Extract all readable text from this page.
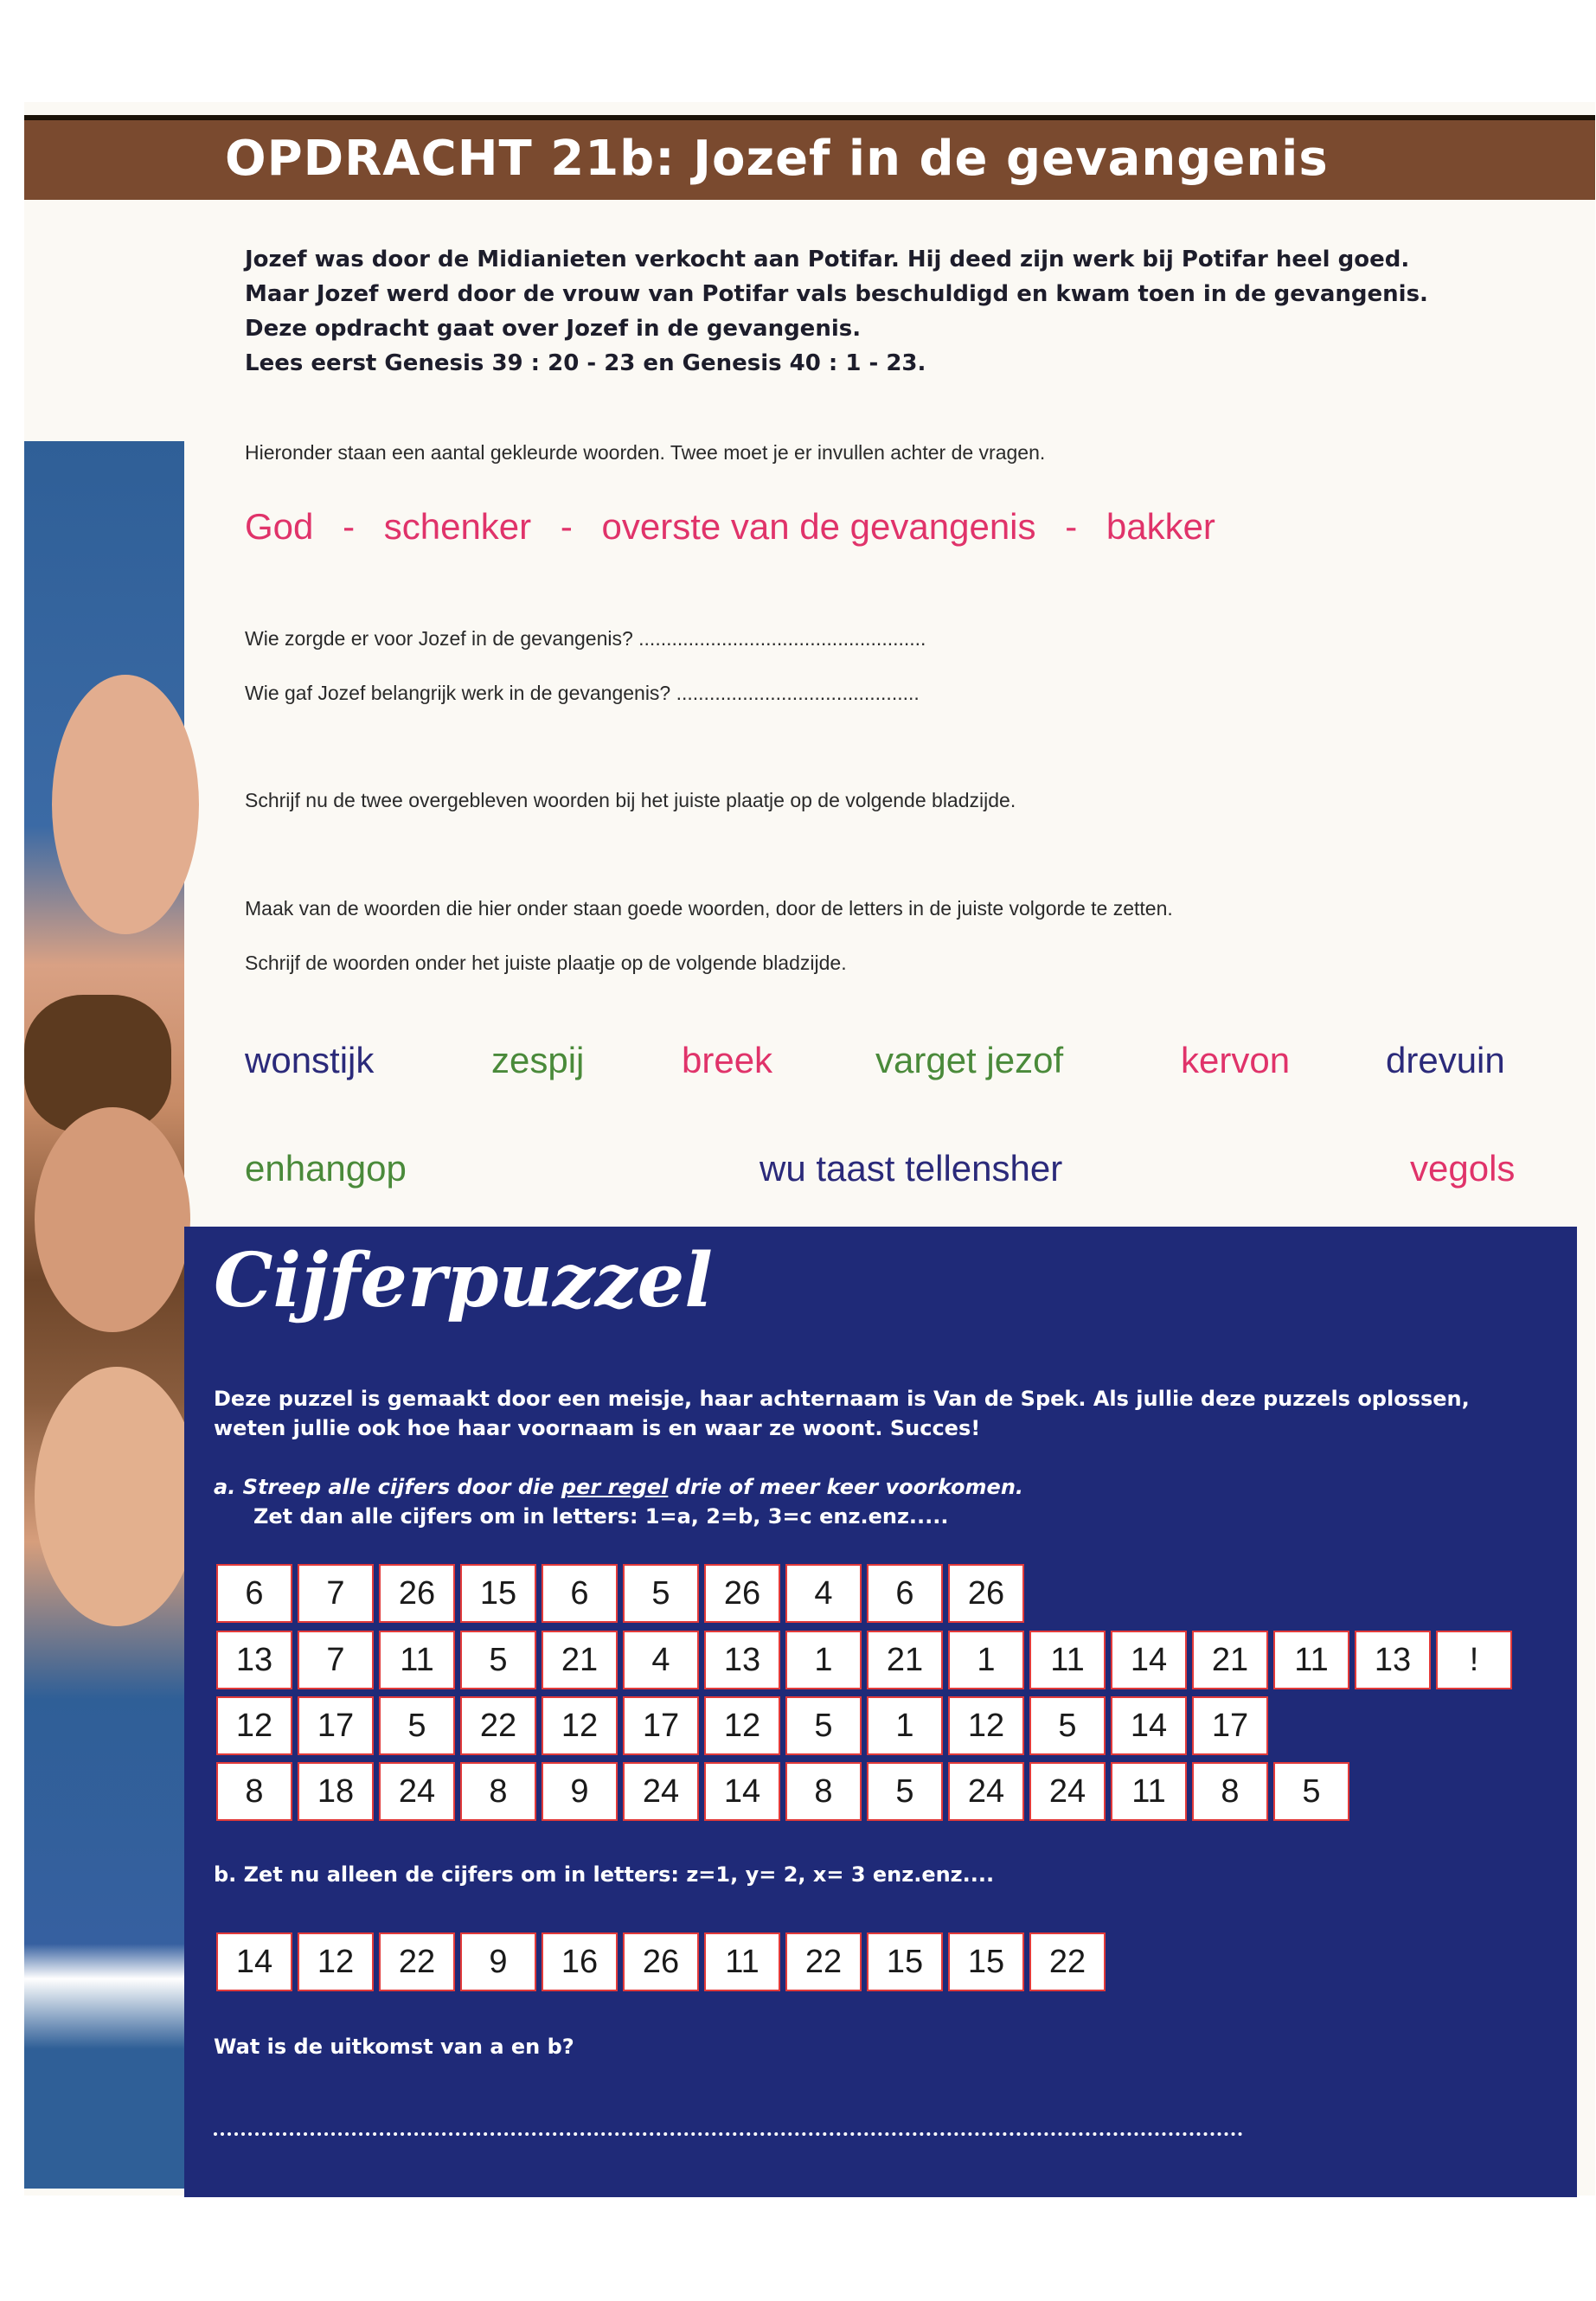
OPDRACHT 21b: Jozef in de gevangenis
Jozef was door de Midianieten verkocht aan Potifar. Hij deed zijn werk bij Potifar heel goed.
Maar Jozef werd door de vrouw van Potifar vals beschuldigd en kwam toen in de gevangenis.
Deze opdracht gaat over Jozef in de gevangenis.
Lees eerst Genesis 39 : 20 - 23 en Genesis 40 : 1 - 23.
Hieronder staan een aantal gekleurde woorden. Twee moet je er invullen achter de vragen.
God - schenker - overste van de gevangenis - bakker
Wie zorgde er voor Jozef in de gevangenis? ....................................................
Wie gaf Jozef belangrijk werk in de gevangenis? ............................................
Schrijf nu de twee overgebleven woorden bij het juiste plaatje op de volgende bladzijde.
Maak van de woorden die hier onder staan goede woorden, door de letters in de juiste volgorde te zetten.
Schrijf de woorden onder het juiste plaatje op de volgende bladzijde.
wonstijk	zespij	breek	varget jezof	kervon	drevuin
enhangop	wu taast tellensher	vegols
Cijferpuzzel
Deze puzzel is gemaakt door een meisje, haar achternaam is Van de Spek. Als jullie deze puzzels oplossen,
weten jullie ook hoe haar voornaam is en waar ze woont. Succes!
a. Streep alle cijfers door die per regel drie of meer keer voorkomen.
Zet dan alle cijfers om in letters: 1=a, 2=b, 3=c enz.enz.....
6	7	26	15	6	5	26	4	6	26
13	7	11	5	21	4	13	1	21	1	11	14	21	11	13	!
12	17	5	22	12	17	12	5	1	12	5	14	17
8	18	24	8	9	24	14	8	5	24	24	11	8	5
b. Zet nu alleen de cijfers om in letters: z=1, y= 2, x= 3 enz.enz....
14	12	22	9	16	26	11	22	15	15	22
Wat is de uitkomst van a en b?
